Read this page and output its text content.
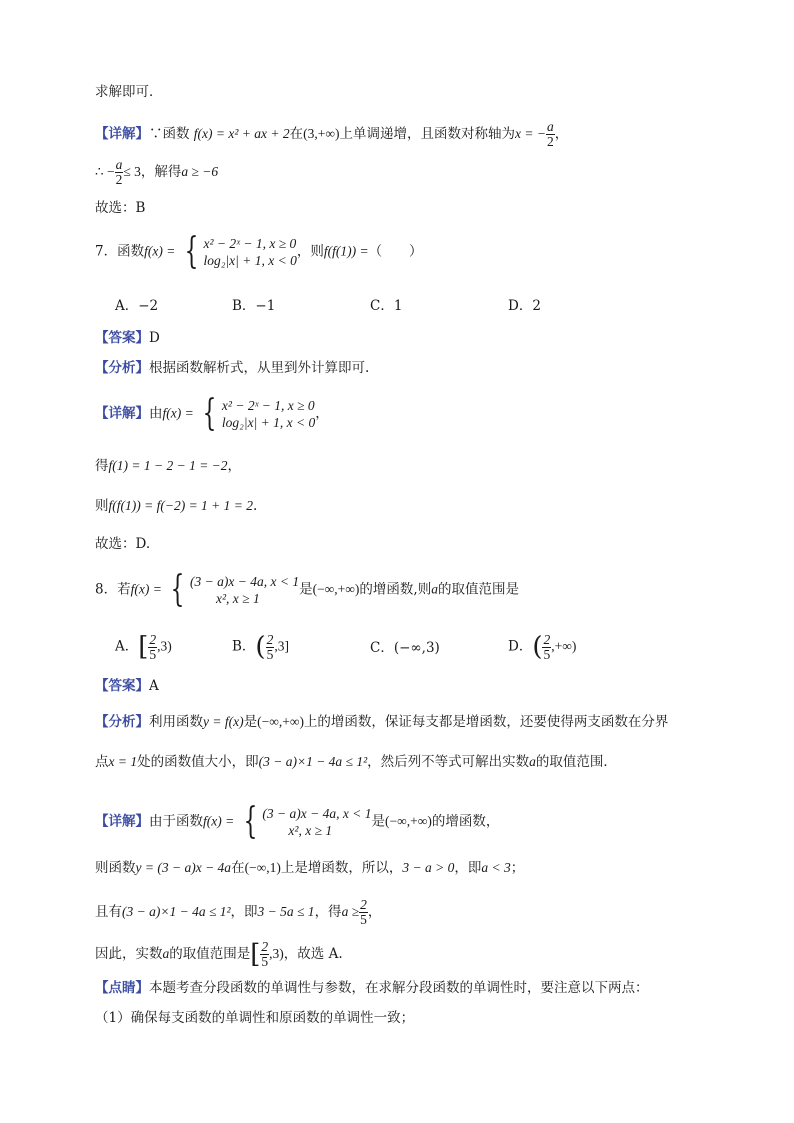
求解即可．
【详解】∵函数 f(x) = x² + ax + 2在(3,+∞)上单调递增，且函数对称轴为x = − $\frac{a}{2}$ ，
∴ − $\frac{a}{2} \le 3$，解得a ≥ −6
故选：B
7．函数f(x) = { x² − 2ˣ − 1, x ≥ 0
log₂|x| + 1, x < 0
，则f(f(1)) =（　　）
A．−2	B．−1	C．1	D．2
【答案】D
【分析】根据函数解析式，从里到外计算即可.
【详解】由f(x) = { x² − 2ˣ − 1, x ≥ 0
log₂|x| + 1, x < 0
，
得f(1) = 1 − 2 − 1 = −2，
则f(f(1)) = f(−2) = 1 + 1 = 2.
故选：D.
8．若f(x) = { (3 − a)x − 4a, x < 1
x², x ≥ 1
是(−∞,+∞)的增函数,则a的取值范围是
A．[ $\frac{2}{5} ,3$)	B．( $\frac{2}{5} ,3$]	C．(−∞,3)	D．( $\frac{2}{5}$ ,+∞)
【答案】A
【分析】利用函数y = f(x)是(−∞,+∞)上的增函数，保证每支都是增函数，还要使得两支函数在分界
点x = 1处的函数值大小，即(3 − a)×1 − 4a ≤ 1²，然后列不等式可解出实数a的取值范围．
【详解】由于函数f(x) = { (3 − a)x − 4a, x < 1
x², x ≥ 1
是(−∞,+∞)的增函数，
则函数y = (3 − a)x − 4a在(−∞,1)上是增函数，所以，3 − a > 0，即a < 3；
且有(3 − a)×1 − 4a ≤ 1²，即3 − 5a ≤ 1，得$a \ge \frac{2}{5}$ ，
因此，实数a的取值范围是[ $\frac{2}{5} ,3$)，故选 A.
【点睛】本题考查分段函数的单调性与参数，在求解分段函数的单调性时，要注意以下两点：
（1）确保每支函数的单调性和原函数的单调性一致；
